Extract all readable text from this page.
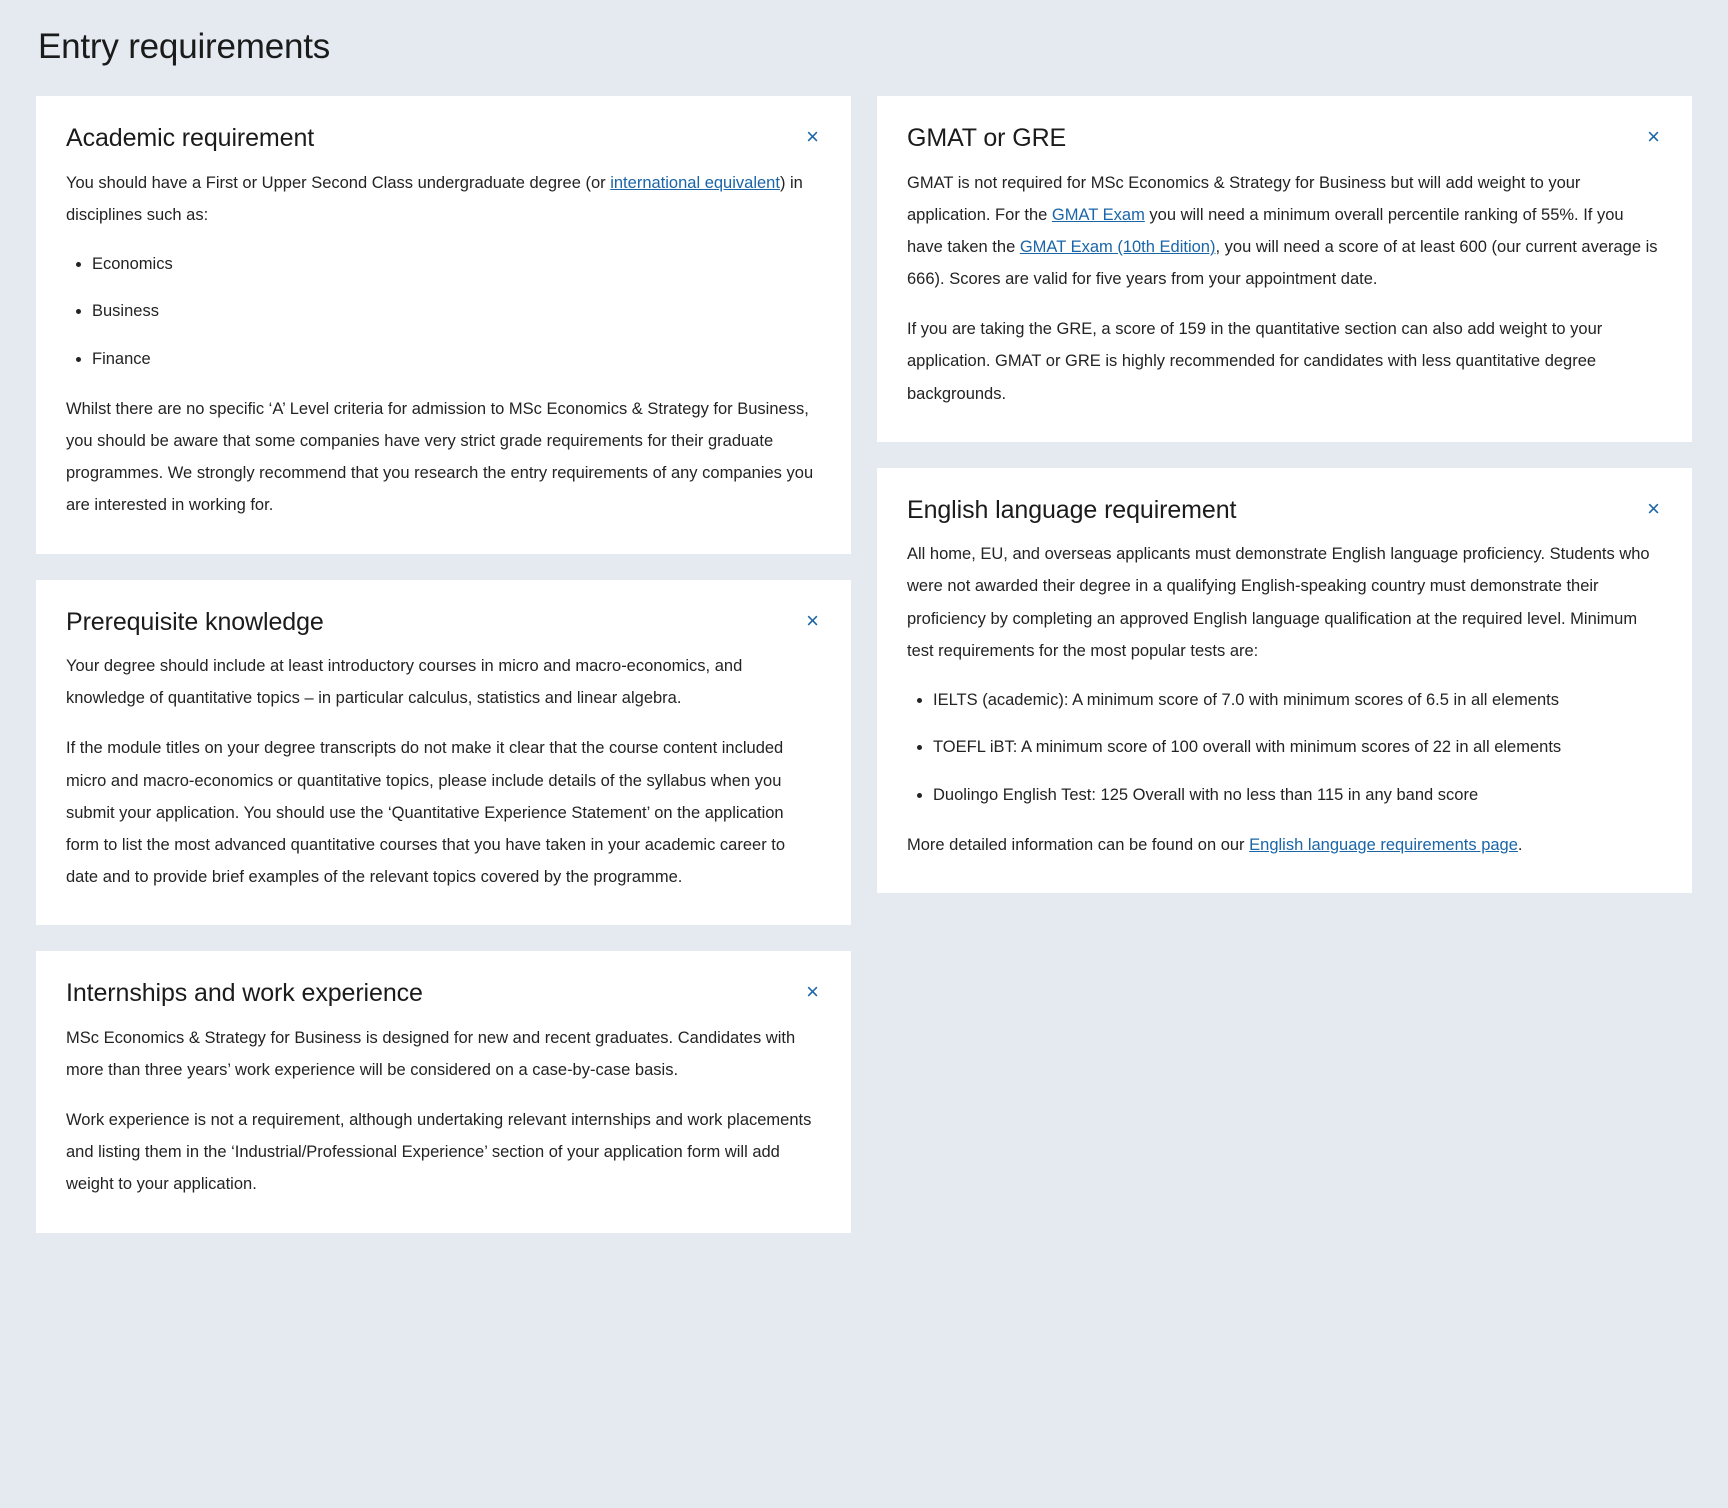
Entry requirements
Academic requirement	×

You should have a First or Upper Second Class undergraduate degree (or international equivalent) in disciplines such as:

• Economics
• Business
• Finance

Whilst there are no specific ‘A’ Level criteria for admission to MSc Economics & Strategy for Business, you should be aware that some companies have very strict grade requirements for their graduate programmes. We strongly recommend that you research the entry requirements of any companies you are interested in working for.

Prerequisite knowledge	×

Your degree should include at least introductory courses in micro and macro-economics, and knowledge of quantitative topics – in particular calculus, statistics and linear algebra.

If the module titles on your degree transcripts do not make it clear that the course content included micro and macro-economics or quantitative topics, please include details of the syllabus when you submit your application. You should use the ‘Quantitative Experience Statement’ on the application form to list the most advanced quantitative courses that you have taken in your academic career to date and to provide brief examples of the relevant topics covered by the programme.

Internships and work experience	×

MSc Economics & Strategy for Business is designed for new and recent graduates. Candidates with more than three years’ work experience will be considered on a case-by-case basis.

Work experience is not a requirement, although undertaking relevant internships and work placements and listing them in the ‘Industrial/Professional Experience’ section of your application form will add weight to your application.

GMAT or GRE	×

GMAT is not required for MSc Economics & Strategy for Business but will add weight to your application. For the GMAT Exam you will need a minimum overall percentile ranking of 55%. If you have taken the GMAT Exam (10th Edition), you will need a score of at least 600 (our current average is 666). Scores are valid for five years from your appointment date.

If you are taking the GRE, a score of 159 in the quantitative section can also add weight to your application. GMAT or GRE is highly recommended for candidates with less quantitative degree backgrounds.

English language requirement	×

All home, EU, and overseas applicants must demonstrate English language proficiency. Students who were not awarded their degree in a qualifying English-speaking country must demonstrate their proficiency by completing an approved English language qualification at the required level. Minimum test requirements for the most popular tests are:

• IELTS (academic): A minimum score of 7.0 with minimum scores of 6.5 in all elements
• TOEFL iBT: A minimum score of 100 overall with minimum scores of 22 in all elements
• Duolingo English Test: 125 Overall with no less than 115 in any band score

More detailed information can be found on our English language requirements page.
